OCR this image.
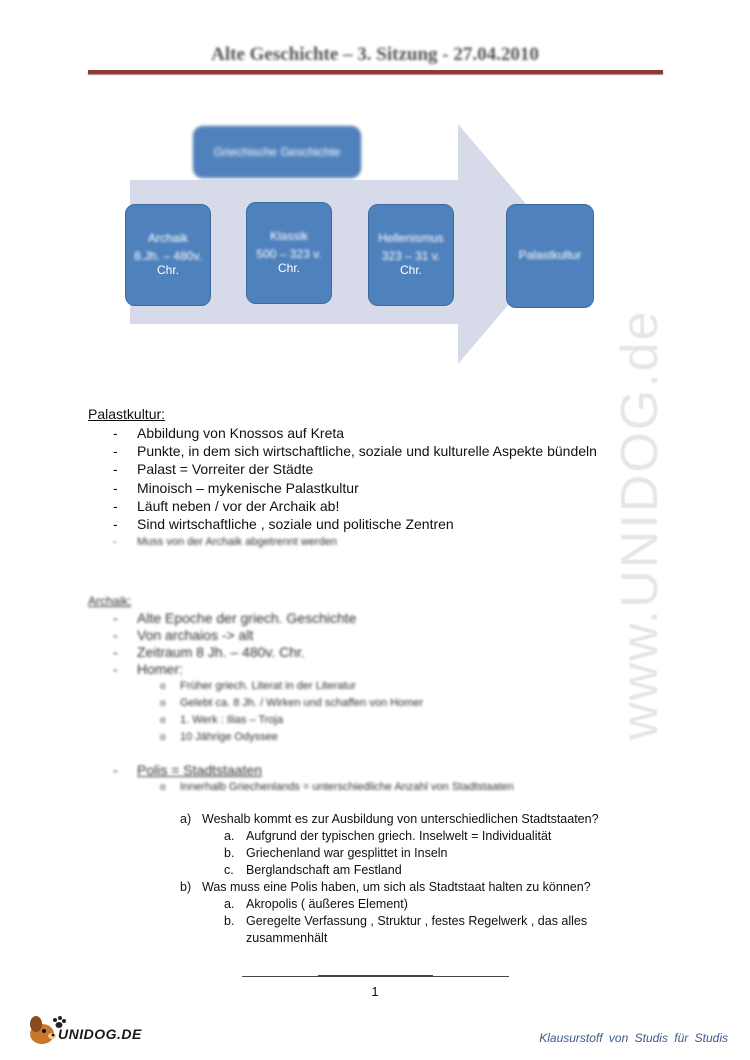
Alte Geschichte – 3. Sitzung - 27.04.2010
www.UNIDOG.de
Griechische Geschichte
Archaik
8.Jh. – 480v.
Chr.
Klassik
500 – 323 v.
Chr.
Hellenismus
323 – 31 v.
Chr.
Palastkultur
Palastkultur:
- Abbildung von Knossos auf Kreta
- Punkte, in dem sich wirtschaftliche, soziale und kulturelle Aspekte bündeln
- Palast = Vorreiter der Städte
- Minoisch – mykenische Palastkultur
- Läuft neben / vor der Archaik ab!
- Sind wirtschaftliche , soziale und politische Zentren
- Muss von der Archaik abgetrennt werden
Archaik:
- Alte Epoche der griech. Geschichte
- Von archaios -> alt
- Zeitraum 8 Jh. – 480v. Chr.
- Homer:
o Früher griech. Literat in der Literatur
o Gelebt ca. 8 Jh. / Wirken und schaffen von Homer
o 1. Werk : Ilias – Troja
o 10 Jährige Odyssee
- Polis = Stadtstaaten
o Innerhalb Griechenlands = unterschiedliche Anzahl von Stadtstaaten
a) Weshalb kommt es zur Ausbildung von unterschiedlichen Stadtstaaten?
a. Aufgrund der typischen griech. Inselwelt = Individualität
b. Griechenland war gesplittet in Inseln
c. Berglandschaft am Festland
b) Was muss eine Polis haben, um sich als Stadtstaat halten zu können?
a. Akropolis ( äußeres Element)
b. Geregelte Verfassung , Struktur , festes Regelwerk , das alles
zusammenhält
1
UNIDOG.DE	Klausurstoff von Studis für Studis
